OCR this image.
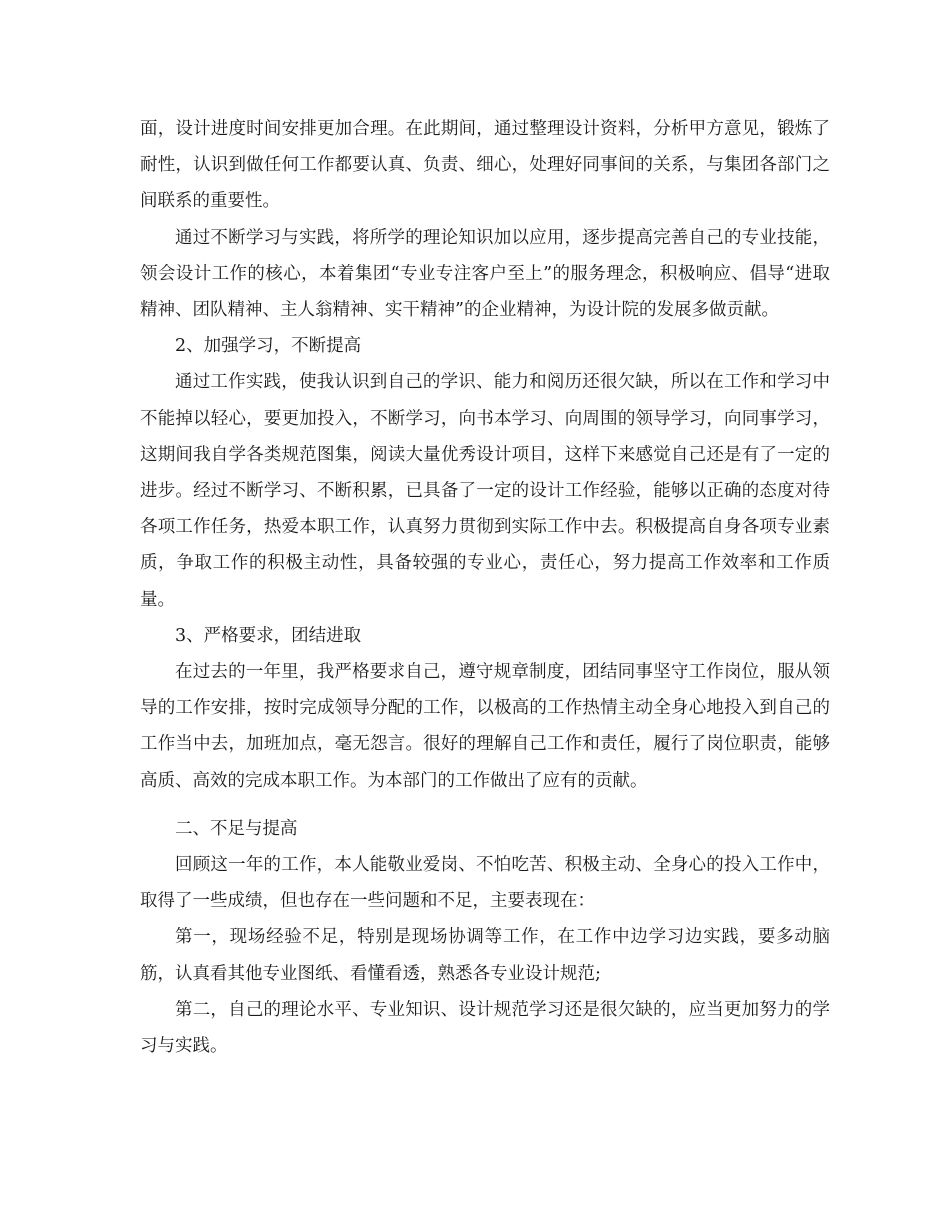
面，设计进度时间安排更加合理。在此期间，通过整理设计资料，分析甲方意见，锻炼了耐性，认识到做任何工作都要认真、负责、细心，处理好同事间的关系，与集团各部门之间联系的重要性。

通过不断学习与实践，将所学的理论知识加以应用，逐步提高完善自己的专业技能，领会设计工作的核心，本着集团“专业专注客户至上”的服务理念，积极响应、倡导“进取精神、团队精神、主人翁精神、实干精神”的企业精神，为设计院的发展多做贡献。

2、加强学习，不断提高

通过工作实践，使我认识到自己的学识、能力和阅历还很欠缺，所以在工作和学习中不能掉以轻心，要更加投入，不断学习，向书本学习、向周围的领导学习，向同事学习，这期间我自学各类规范图集，阅读大量优秀设计项目，这样下来感觉自己还是有了一定的进步。经过不断学习、不断积累，已具备了一定的设计工作经验，能够以正确的态度对待各项工作任务，热爱本职工作，认真努力贯彻到实际工作中去。积极提高自身各项专业素质，争取工作的积极主动性，具备较强的专业心，责任心，努力提高工作效率和工作质量。

3、严格要求，团结进取

在过去的一年里，我严格要求自己，遵守规章制度，团结同事坚守工作岗位，服从领导的工作安排，按时完成领导分配的工作，以极高的工作热情主动全身心地投入到自己的工作当中去，加班加点，毫无怨言。很好的理解自己工作和责任，履行了岗位职责，能够高质、高效的完成本职工作。为本部门的工作做出了应有的贡献。

二、不足与提高

回顾这一年的工作，本人能敬业爱岗、不怕吃苦、积极主动、全身心的投入工作中，取得了一些成绩，但也存在一些问题和不足，主要表现在：

第一，现场经验不足，特别是现场协调等工作，在工作中边学习边实践，要多动脑筋，认真看其他专业图纸、看懂看透，熟悉各专业设计规范;

第二，自己的理论水平、专业知识、设计规范学习还是很欠缺的，应当更加努力的学习与实践。
